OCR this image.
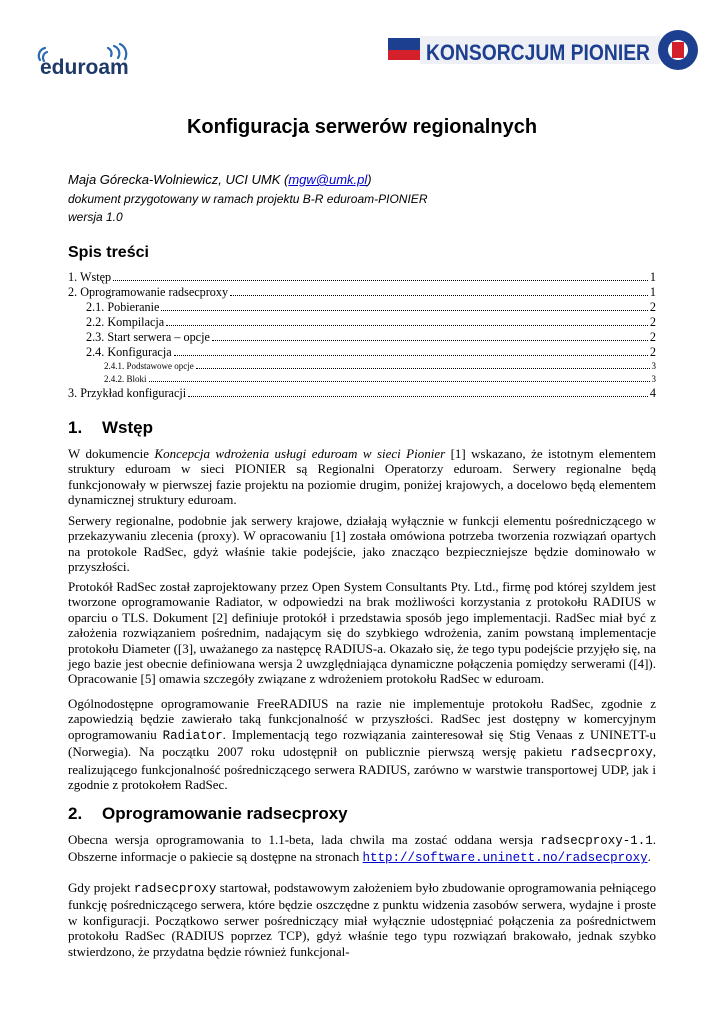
eduroam
KONSORCJUM PIONIER
Konfiguracja serwerów regionalnych
Maja Górecka-Wolniewicz, UCI UMK (mgw@umk.pl)
dokument przygotowany w ramach projektu B-R eduroam-PIONIER
wersja 1.0
Spis treści
1. Wstęp	1
2. Oprogramowanie radsecproxy	1
2.1. Pobieranie	2
2.2. Kompilacja	2
2.3. Start serwera – opcje	2
2.4. Konfiguracja	2
2.4.1. Podstawowe opcje	3
2.4.2. Bloki	3
3. Przykład konfiguracji	4
1. Wstęp

W dokumencie Koncepcja wdrożenia usługi eduroam w sieci Pionier [1] wskazano, że istotnym elementem struktury eduroam w sieci PIONIER są Regionalni Operatorzy eduroam. Serwery regionalne będą funkcjonowały w pierwszej fazie projektu na poziomie drugim, poniżej krajowych, a docelowo będą elementem dynamicznej struktury eduroam.

Serwery regionalne, podobnie jak serwery krajowe, działają wyłącznie w funkcji elementu pośredniczącego w przekazywaniu zlecenia (proxy). W opracowaniu [1] została omówiona potrzeba tworzenia rozwiązań opartych na protokole RadSec, gdyż właśnie takie podejście, jako znacząco bezpieczniejsze będzie dominowało w przyszłości.

Protokół RadSec został zaprojektowany przez Open System Consultants Pty. Ltd., firmę pod której szyldem jest tworzone oprogramowanie Radiator, w odpowiedzi na brak możliwości korzystania z protokołu RADIUS w oparciu o TLS. Dokument [2] definiuje protokół i przedstawia sposób jego implementacji. RadSec miał być z założenia rozwiązaniem pośrednim, nadającym się do szybkiego wdrożenia, zanim powstaną implementacje protokołu Diameter ([3], uważanego za następcę RADIUS-a. Okazało się, że tego typu podejście przyjęło się, na jego bazie jest obecnie definiowana wersja 2 uwzględniająca dynamiczne połączenia pomiędzy serwerami ([4]). Opracowanie [5] omawia szczegóły związane z wdrożeniem protokołu RadSec w eduroam.

Ogólnodostępne oprogramowanie FreeRADIUS na razie nie implementuje protokołu RadSec, zgodnie z zapowiedzią będzie zawierało taką funkcjonalność w przyszłości. RadSec jest dostępny w komercyjnym oprogramowaniu Radiator. Implementacją tego rozwiązania zainteresował się Stig Venaas z UNINETT-u (Norwegia). Na początku 2007 roku udostępnił on publicznie pierwszą wersję pakietu radsecproxy, realizującego funkcjonalność pośredniczącego serwera RADIUS, zarówno w warstwie transportowej UDP, jak i zgodnie z protokołem RadSec.

2. Oprogramowanie radsecproxy

Obecna wersja oprogramowania to 1.1-beta, lada chwila ma zostać oddana wersja radsecproxy-1.1. Obszerne informacje o pakiecie są dostępne na stronach http://software.uninett.no/radsecproxy.

Gdy projekt radsecproxy startował, podstawowym założeniem było zbudowanie oprogramowania pełniącego funkcję pośredniczącego serwera, które będzie oszczędne z punktu widzenia zasobów serwera, wydajne i proste w konfiguracji. Początkowo serwer pośredniczący miał wyłącznie udostępniać połączenia za pośrednictwem protokołu RadSec (RADIUS poprzez TCP), gdyż właśnie tego typu rozwiązań brakowało, jednak szybko stwierdzono, że przydatna będzie również funkcjonal-
